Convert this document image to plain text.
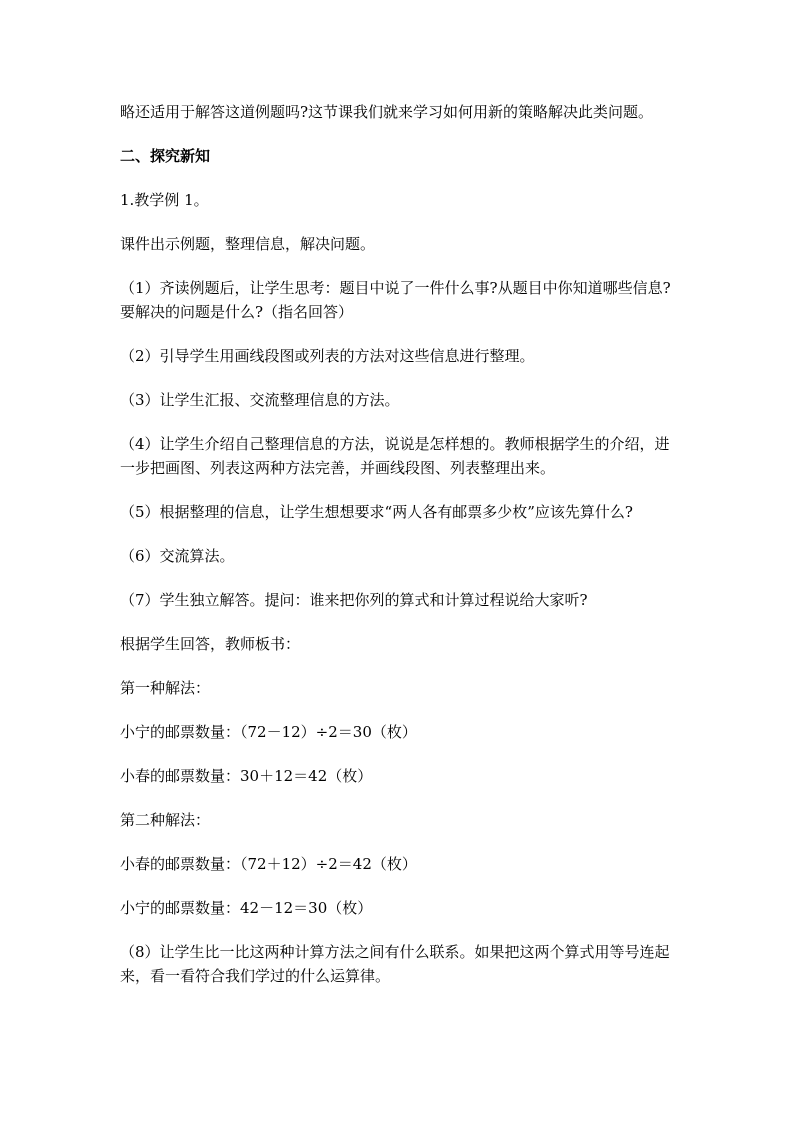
略还适用于解答这道例题吗?这节课我们就来学习如何用新的策略解决此类问题。

二、探究新知

1.教学例 1。

课件出示例题，整理信息，解决问题。

（1）齐读例题后，让学生思考：题目中说了一件什么事?从题目中你知道哪些信息?要解决的问题是什么?（指名回答）

（2）引导学生用画线段图或列表的方法对这些信息进行整理。

（3）让学生汇报、交流整理信息的方法。

（4）让学生介绍自己整理信息的方法，说说是怎样想的。教师根据学生的介绍，进一步把画图、列表这两种方法完善，并画线段图、列表整理出来。

（5）根据整理的信息，让学生想想要求“两人各有邮票多少枚”应该先算什么?

（6）交流算法。

（7）学生独立解答。提问：谁来把你列的算式和计算过程说给大家听?

根据学生回答，教师板书：

第一种解法：

小宁的邮票数量：（72－12）÷2＝30（枚）

小春的邮票数量：30＋12＝42（枚）

第二种解法：

小春的邮票数量：（72＋12）÷2＝42（枚）

小宁的邮票数量：42－12＝30（枚）

（8）让学生比一比这两种计算方法之间有什么联系。如果把这两个算式用等号连起来，看一看符合我们学过的什么运算律。
